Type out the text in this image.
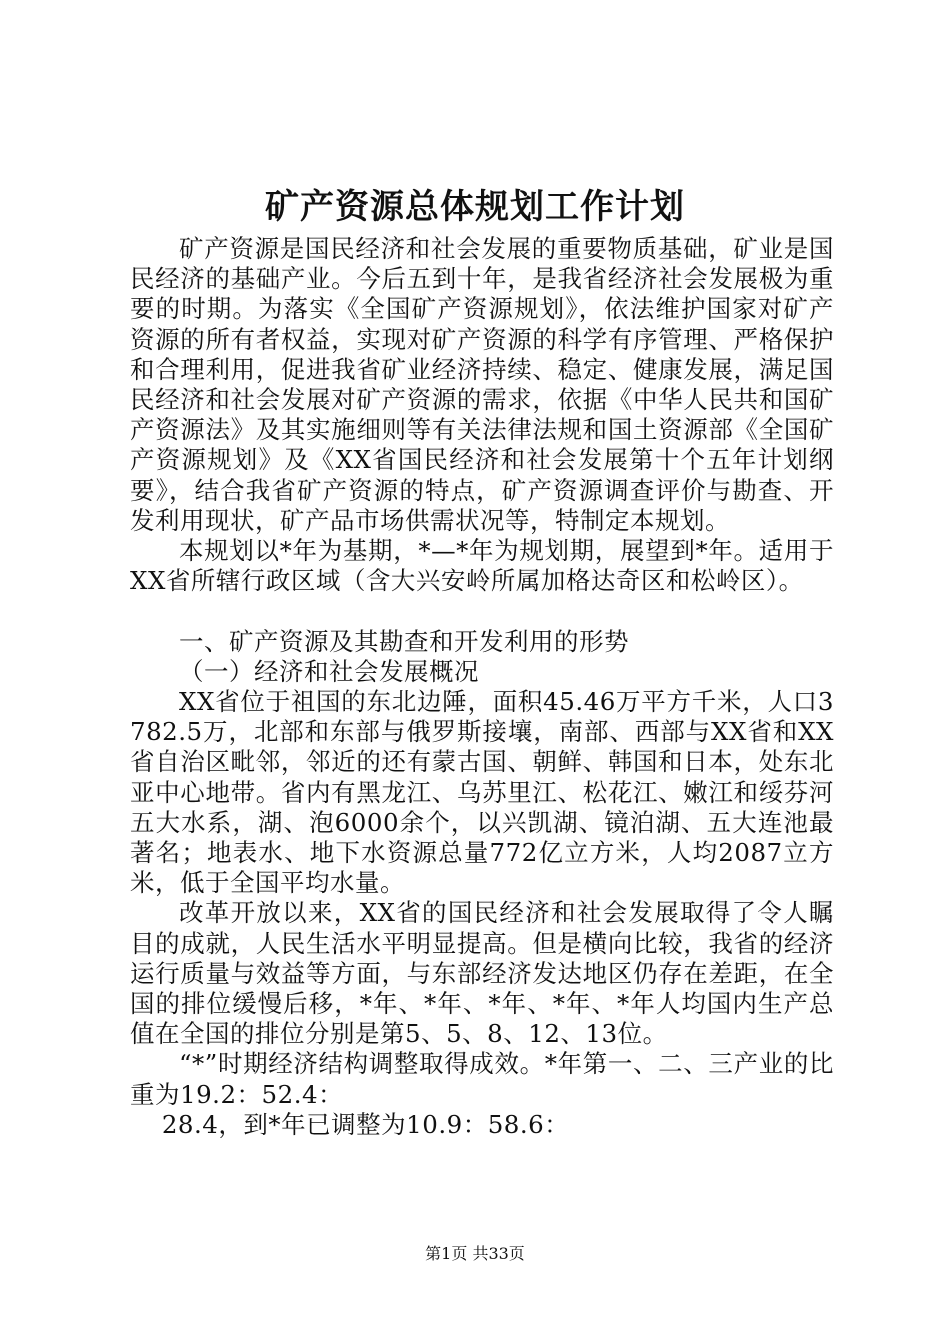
矿产资源总体规划工作计划

矿产资源是国民经济和社会发展的重要物质基础，矿业是国民经济的基础产业。今后五到十年，是我省经济社会发展极为重要的时期。为落实《全国矿产资源规划》，依法维护国家对矿产资源的所有者权益，实现对矿产资源的科学有序管理、严格保护和合理利用，促进我省矿业经济持续、稳定、健康发展，满足国民经济和社会发展对矿产资源的需求，依据《中华人民共和国矿产资源法》及其实施细则等有关法律法规和国土资源部《全国矿产资源规划》及《XX省国民经济和社会发展第十个五年计划纲要》，结合我省矿产资源的特点，矿产资源调查评价与勘查、开发利用现状，矿产品市场供需状况等，特制定本规划。

本规划以*年为基期，*—*年为规划期，展望到*年。适用于XX省所辖行政区域（含大兴安岭所属加格达奇区和松岭区）。

一、矿产资源及其勘查和开发利用的形势

（一）经济和社会发展概况

XX省位于祖国的东北边陲，面积45.46万平方千米，人口3782.5万，北部和东部与俄罗斯接壤，南部、西部与XX省和XX省自治区毗邻，邻近的还有蒙古国、朝鲜、韩国和日本，处东北亚中心地带。省内有黑龙江、乌苏里江、松花江、嫩江和绥芬河五大水系，湖、泡6000余个，以兴凯湖、镜泊湖、五大连池最著名；地表水、地下水资源总量772亿立方米，人均2087立方米，低于全国平均水量。

改革开放以来，XX省的国民经济和社会发展取得了令人瞩目的成就，人民生活水平明显提高。但是横向比较，我省的经济运行质量与效益等方面，与东部经济发达地区仍存在差距，在全国的排位缓慢后移，*年、*年、*年、*年、*年人均国内生产总值在全国的排位分别是第5、5、8、12、13位。

“*”时期经济结构调整取得成效。*年第一、二、三产业的比重为19.2：52.4：

28.4，到*年已调整为10.9：58.6：

第1页 共33页
